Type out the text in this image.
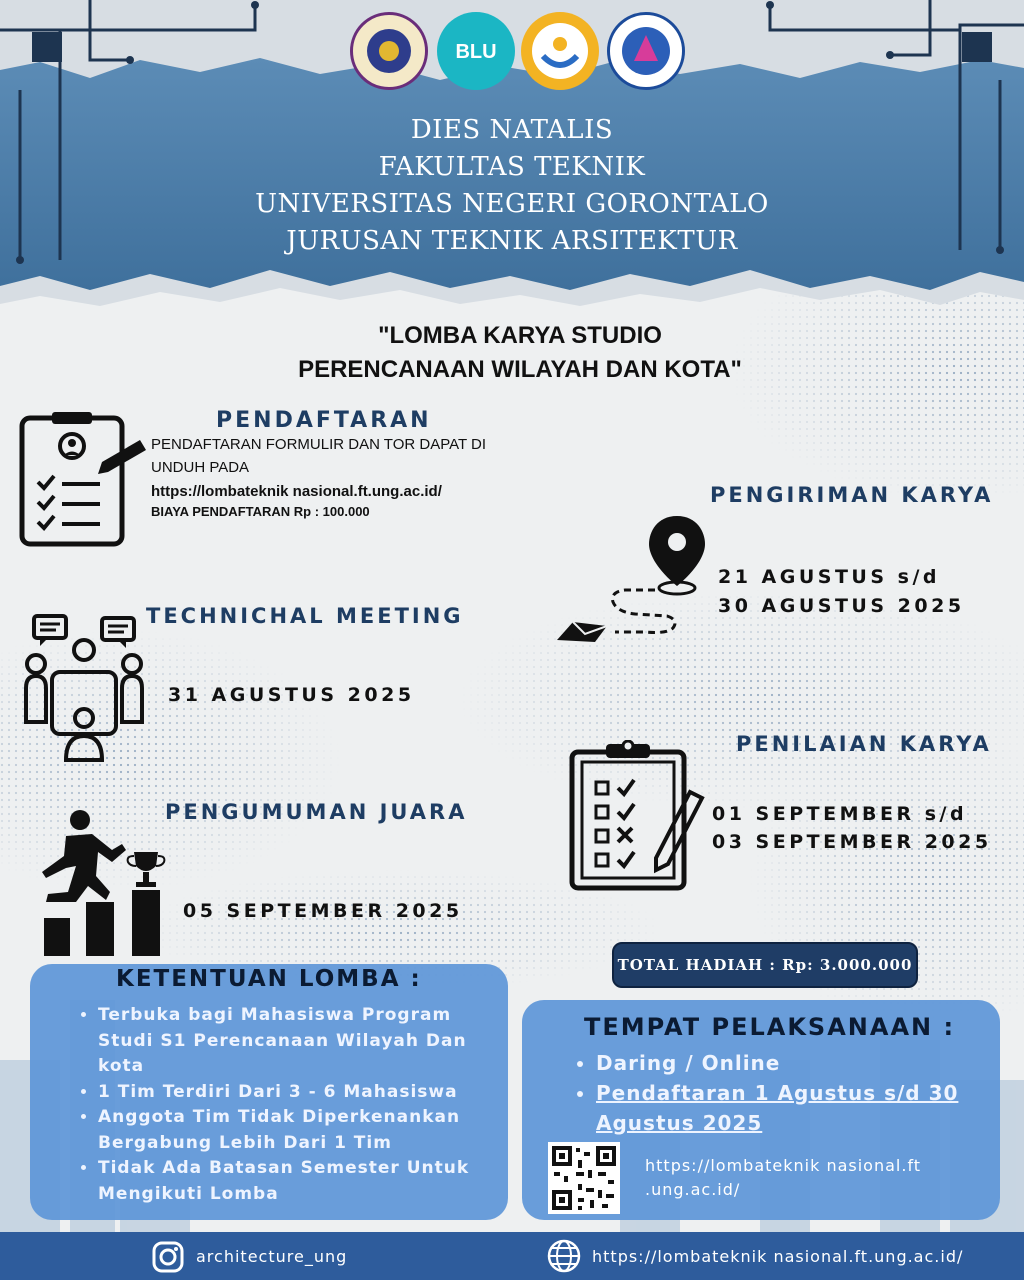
BLU
DIES NATALIS
FAKULTAS TEKNIK
UNIVERSITAS NEGERI GORONTALO
JURUSAN TEKNIK ARSITEKTUR
"LOMBA KARYA STUDIO
PERENCANAAN WILAYAH DAN KOTA"
PENDAFTARAN
PENDAFTARAN FORMULIR DAN TOR DAPAT DI
UNDUH PADA
https://lombateknik nasional.ft.ung.ac.id/
BIAYA PENDAFTARAN Rp : 100.000
PENGIRIMAN KARYA
21 AGUSTUS s/d
30 AGUSTUS 2025
TECHNICHAL MEETING
31 AGUSTUS 2025
PENILAIAN KARYA
01 SEPTEMBER s/d
03 SEPTEMBER 2025
PENGUMUMAN JUARA
05 SEPTEMBER 2025
TOTAL HADIAH : Rp: 3.000.000
KETENTUAN LOMBA :
• Terbuka bagi Mahasiswa Program Studi S1 Perencanaan Wilayah Dan kota
• 1 Tim Terdiri Dari 3 - 6 Mahasiswa
• Anggota Tim Tidak Diperkenankan Bergabung Lebih Dari 1 Tim
• Tidak Ada Batasan Semester Untuk Mengikuti Lomba
TEMPAT PELAKSANAAN :
• Daring / Online
• Pendaftaran 1 Agustus s/d 30 Agustus 2025
https://lombateknik nasional.ft
.ung.ac.id/
architecture_ung	https://lombateknik nasional.ft.ung.ac.id/
